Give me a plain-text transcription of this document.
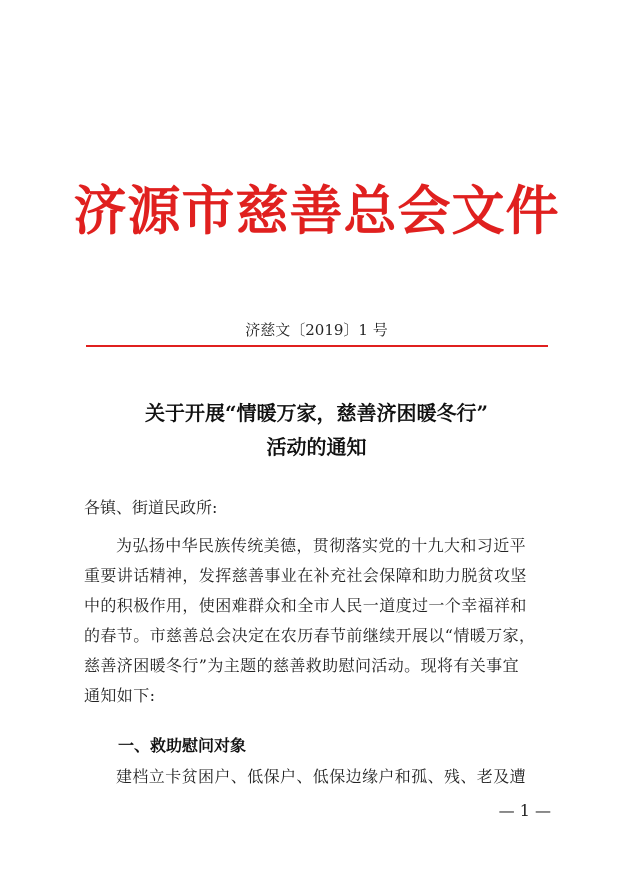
济源市慈善总会文件
济慈文〔2019〕1 号
关于开展“情暖万家，慈善济困暖冬行”
活动的通知
各镇、街道民政所:
为弘扬中华民族传统美德，贯彻落实党的十九大和习近平
重要讲话精神，发挥慈善事业在补充社会保障和助力脱贫攻坚
中的积极作用，使困难群众和全市人民一道度过一个幸福祥和
的春节。市慈善总会决定在农历春节前继续开展以“情暖万家，
慈善济困暖冬行”为主题的慈善救助慰问活动。现将有关事宜
通知如下:
一、救助慰问对象
建档立卡贫困户、低保户、低保边缘户和孤、残、老及遭
— 1 —
